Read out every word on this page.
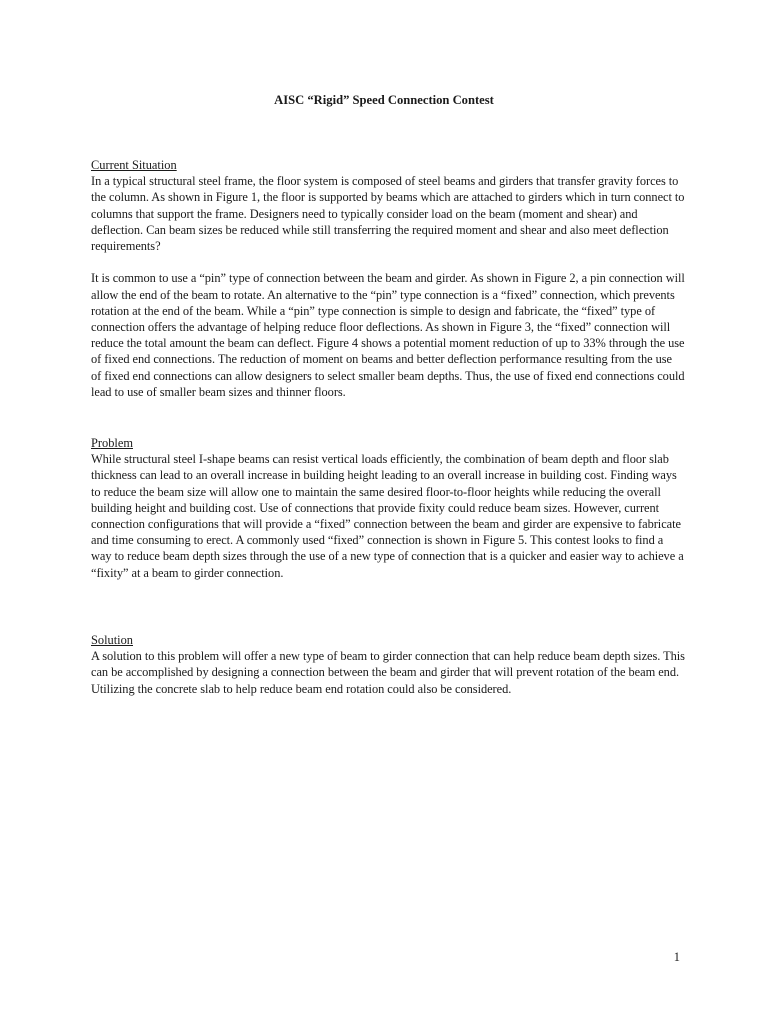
AISC “Rigid” Speed Connection Contest
Current Situation

In a typical structural steel frame, the floor system is composed of steel beams and girders that transfer gravity forces to the column. As shown in Figure 1, the floor is supported by beams which are attached to girders which in turn connect to columns that support the frame. Designers need to typically consider load on the beam (moment and shear) and deflection. Can beam sizes be reduced while still transferring the required moment and shear and also meet deflection requirements?

It is common to use a “pin” type of connection between the beam and girder. As shown in Figure 2, a pin connection will allow the end of the beam to rotate. An alternative to the “pin” type connection is a “fixed” connection, which prevents rotation at the end of the beam. While a “pin” type connection is simple to design and fabricate, the “fixed” type of connection offers the advantage of helping reduce floor deflections. As shown in Figure 3, the “fixed” connection will reduce the total amount the beam can deflect. Figure 4 shows a potential moment reduction of up to 33% through the use of fixed end connections. The reduction of moment on beams and better deflection performance resulting from the use of fixed end connections can allow designers to select smaller beam depths. Thus, the use of fixed end connections could lead to use of smaller beam sizes and thinner floors.

Problem

While structural steel I-shape beams can resist vertical loads efficiently, the combination of beam depth and floor slab thickness can lead to an overall increase in building height leading to an overall increase in building cost. Finding ways to reduce the beam size will allow one to maintain the same desired floor-to-floor heights while reducing the overall building height and building cost. Use of connections that provide fixity could reduce beam sizes. However, current connection configurations that will provide a “fixed” connection between the beam and girder are expensive to fabricate and time consuming to erect. A commonly used “fixed” connection is shown in Figure 5. This contest looks to find a way to reduce beam depth sizes through the use of a new type of connection that is a quicker and easier way to achieve a “fixity” at a beam to girder connection.

Solution

A solution to this problem will offer a new type of beam to girder connection that can help reduce beam depth sizes. This can be accomplished by designing a connection between the beam and girder that will prevent rotation of the beam end. Utilizing the concrete slab to help reduce beam end rotation could also be considered.

1
